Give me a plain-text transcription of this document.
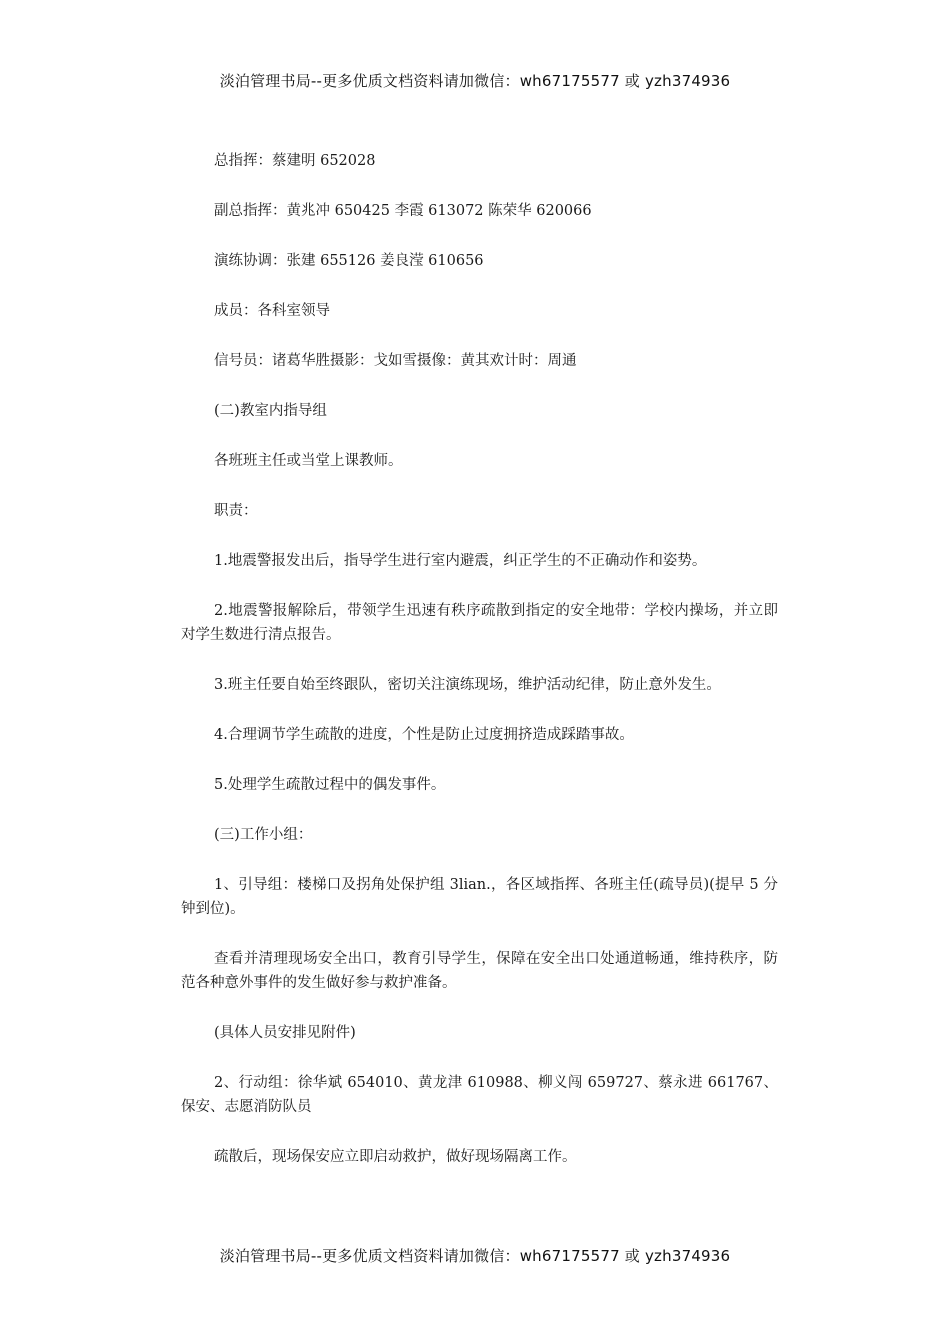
淡泊管理书局--更多优质文档资料请加微信：wh67175577 或 yzh374936

总指挥：蔡建明 652028

副总指挥：黄兆冲 650425 李霞 613072 陈荣华 620066

演练协调：张建 655126 姜良滢 610656

成员：各科室领导

信号员：诸葛华胜摄影：戈如雪摄像：黄其欢计时：周通

(二)教室内指导组

各班班主任或当堂上课教师。

职责：

1.地震警报发出后，指导学生进行室内避震，纠正学生的不正确动作和姿势。

2.地震警报解除后，带领学生迅速有秩序疏散到指定的安全地带：学校内操场，并立即对学生数进行清点报告。

3.班主任要自始至终跟队，密切关注演练现场，维护活动纪律，防止意外发生。

4.合理调节学生疏散的进度，个性是防止过度拥挤造成踩踏事故。

5.处理学生疏散过程中的偶发事件。

(三)工作小组：

1、引导组：楼梯口及拐角处保护组 3lian.，各区域指挥、各班主任(疏导员)(提早 5 分钟到位)。

查看并清理现场安全出口，教育引导学生，保障在安全出口处通道畅通，维持秩序，防范各种意外事件的发生做好参与救护准备。

(具体人员安排见附件)

2、行动组：徐华斌 654010、黄龙津 610988、柳义闯 659727、蔡永进 661767、保安、志愿消防队员

疏散后，现场保安应立即启动救护，做好现场隔离工作。

淡泊管理书局--更多优质文档资料请加微信：wh67175577 或 yzh374936
